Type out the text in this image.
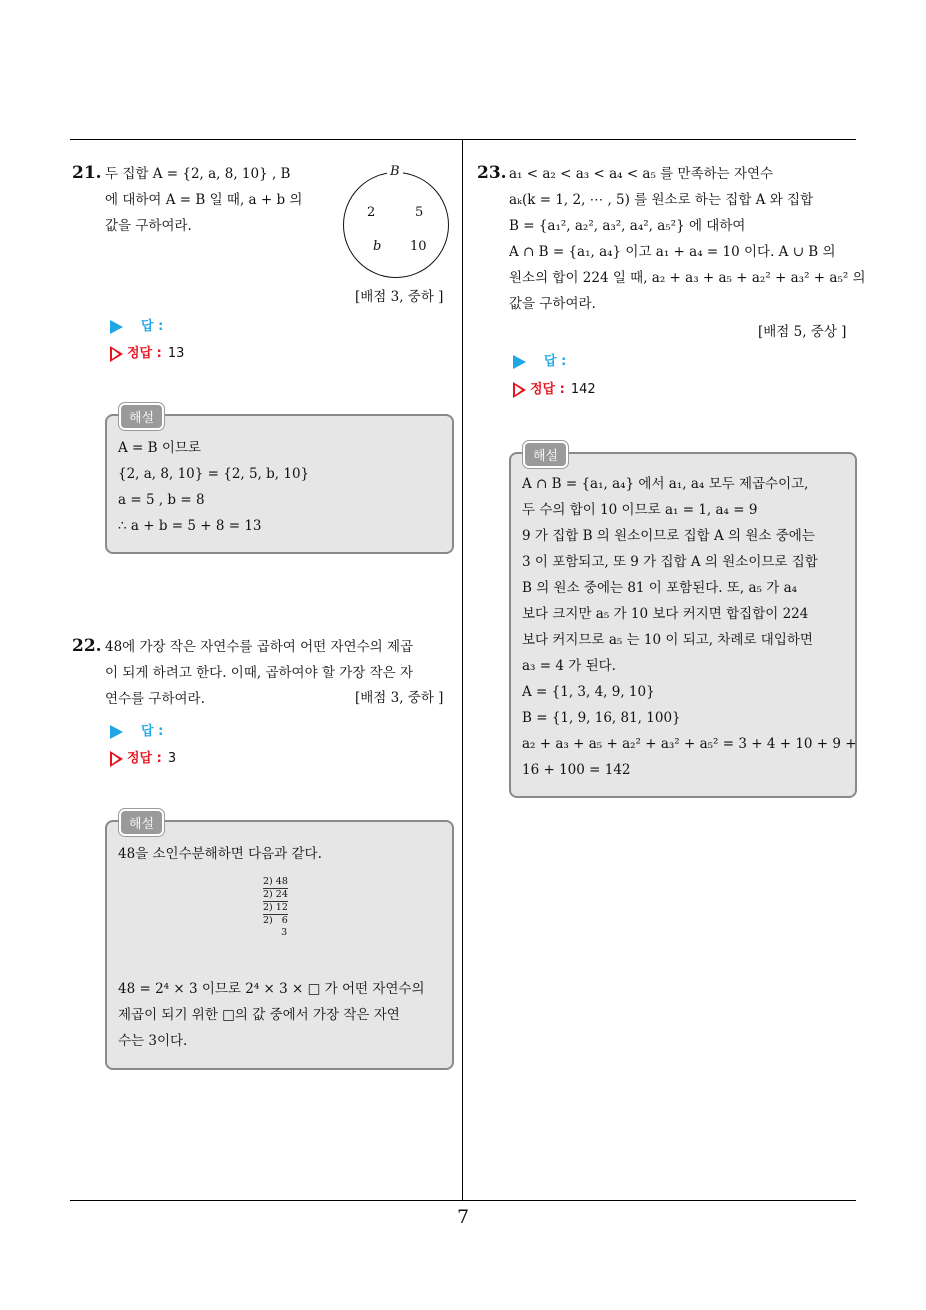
21. 두 집합 A = {2, a, 8, 10} , B
에 대하여 A = B 일 때, a + b 의
값을 구하여라.
B
2	5
b 10
[배점 3, 중하 ]
답 :
정답 : 13
해설
A = B 이므로
{2, a, 8, 10} = {2, 5, b, 10}
a = 5 , b = 8
∴ a + b = 5 + 8 = 13
22. 48에 가장 작은 자연수를 곱하여 어떤 자연수의 제곱
이 되게 하려고 한다. 이때, 곱하여야 할 가장 작은 자
연수를 구하여라.	[배점 3, 중하 ]
답 :
정답 : 3
해설
48을 소인수분해하면 다음과 같다.
48 = 2⁴ × 3 이므로 2⁴ × 3 × □ 가 어떤 자연수의
제곱이 되기 위한 □의 값 중에서 가장 작은 자연
수는 3이다.
2) 48
2) 24
2) 12
2)   6
3
23. a₁ < a₂ < a₃ < a₄ < a₅ 를 만족하는 자연수
aₖ(k = 1, 2, ⋯ , 5) 를 원소로 하는 집합 A 와 집합
B = {a₁², a₂², a₃², a₄², a₅²} 에 대하여
A ∩ B = {a₁, a₄} 이고 a₁ + a₄ = 10 이다. A ∪ B 의
원소의 합이 224 일 때, a₂ + a₃ + a₅ + a₂² + a₃² + a₅² 의
값을 구하여라.
[배점 5, 중상 ]
답 :
정답 : 142
해설
A ∩ B = {a₁, a₄} 에서 a₁, a₄ 모두 제곱수이고,
두 수의 합이 10 이므로 a₁ = 1, a₄ = 9
9 가 집합 B 의 원소이므로 집합 A 의 원소 중에는
3 이 포함되고, 또 9 가 집합 A 의 원소이므로 집합
B 의 원소 중에는 81 이 포함된다. 또, a₅ 가 a₄
보다 크지만 a₅ 가 10 보다 커지면 합집합이 224
보다 커지므로 a₅ 는 10 이 되고, 차례로 대입하면
a₃ = 4 가 된다.
A = {1, 3, 4, 9, 10}
B = {1, 9, 16, 81, 100}
a₂ + a₃ + a₅ + a₂² + a₃² + a₅² = 3 + 4 + 10 + 9 +
16 + 100 = 142
7
